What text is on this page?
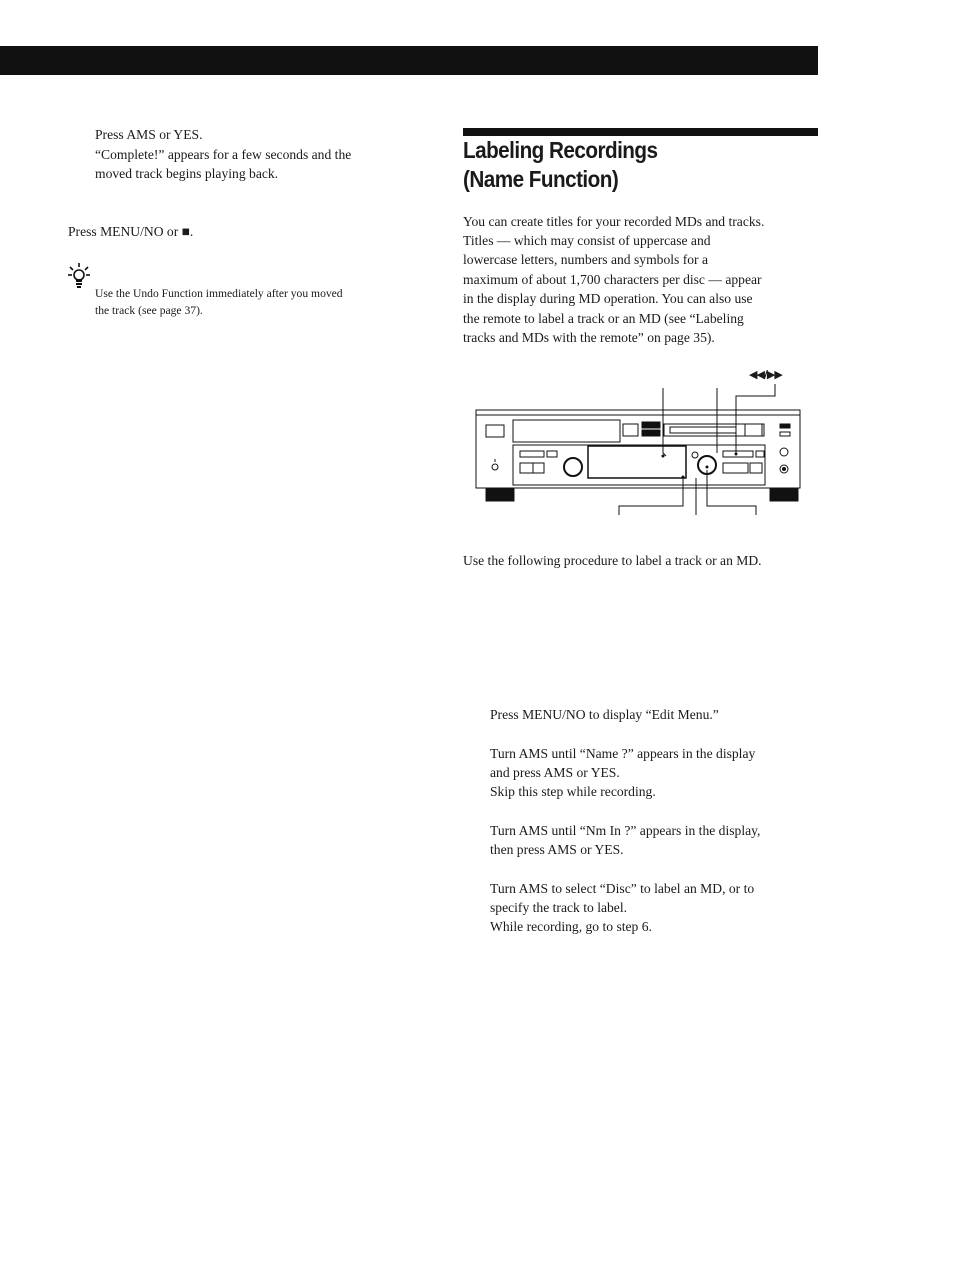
Press AMS or YES.

“Complete!” appears for a few seconds and the

moved track begins playing back.

Press MENU/NO or ■.

Use the Undo Function immediately after you moved

the track (see page 37).

Labeling Recordings
(Name Function)

You can create titles for your recorded MDs and tracks.

Titles — which may consist of uppercase and

lowercase letters, numbers and symbols for a

maximum of about 1,700 characters per disc — appear

in the display during MD operation. You can also use

the remote to label a track or an MD (see “Labeling

tracks and MDs with the remote” on page 35).

◀◀/▶▶

Use the following procedure to label a track or an MD.

Press MENU/NO to display “Edit Menu.”

Turn AMS until “Name ?” appears in the display

and press AMS or YES.

Skip this step while recording.

Turn AMS until “Nm In ?” appears in the display,

then press AMS or YES.

Turn AMS to select “Disc” to label an MD, or to

specify the track to label.

While recording, go to step 6.
